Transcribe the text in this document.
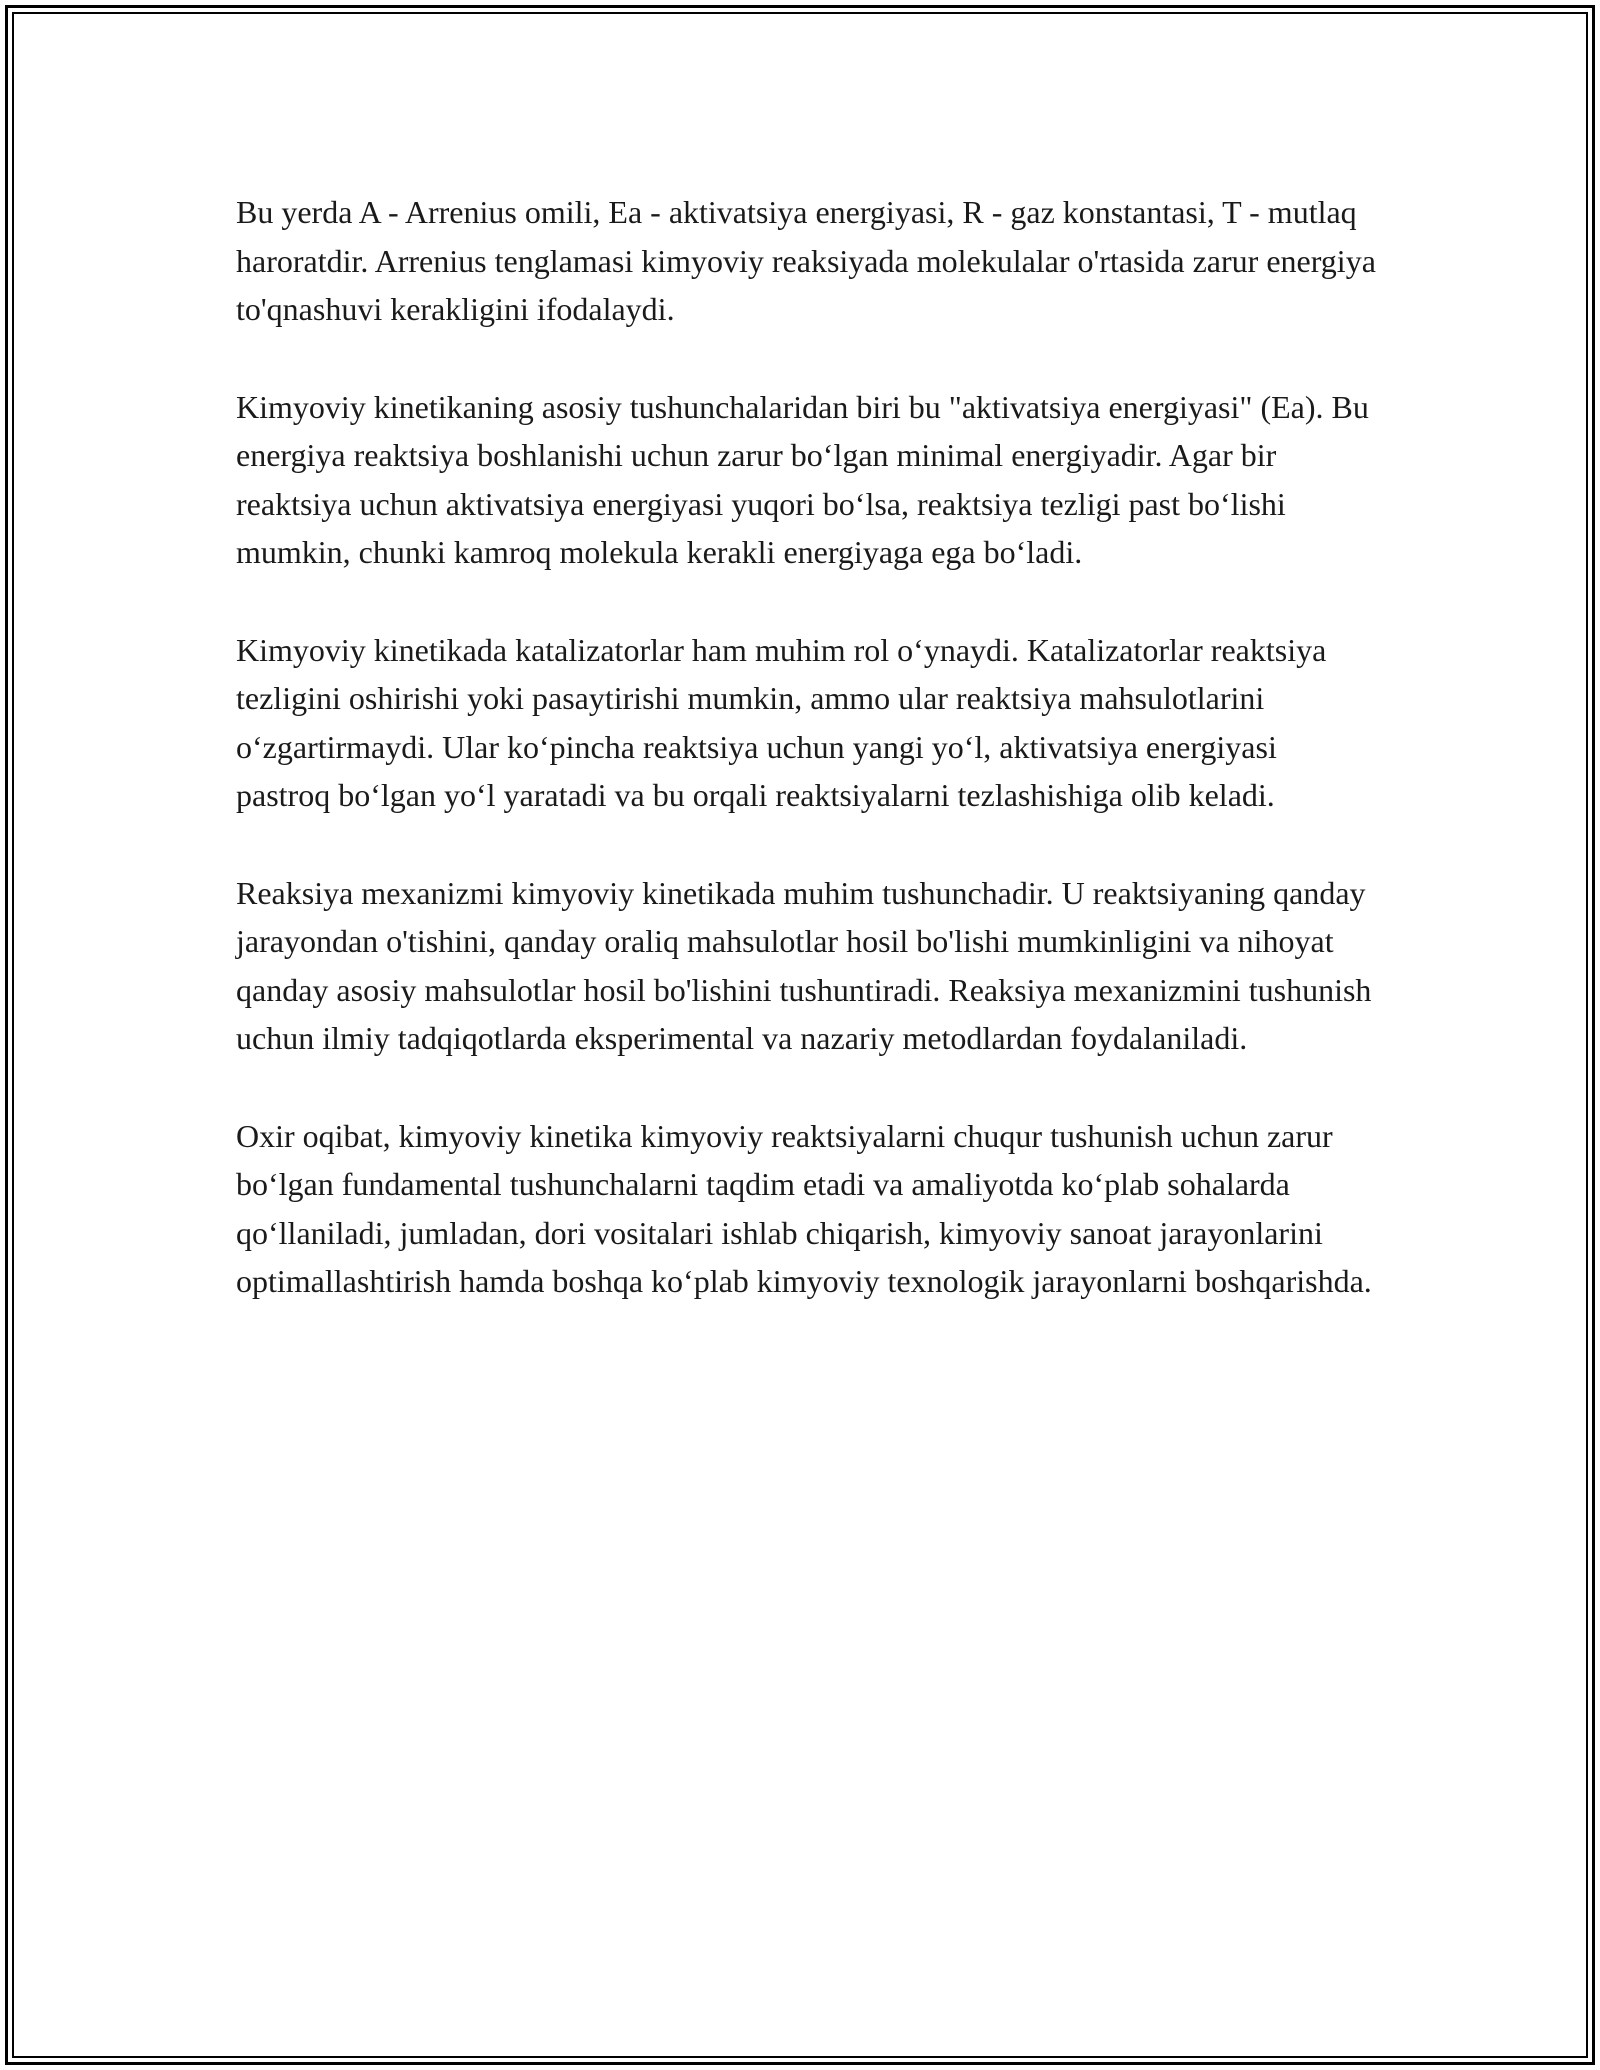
Bu yerda A - Arrenius omili, Ea - aktivatsiya energiyasi, R - gaz konstantasi, T - mutlaq haroratdir. Arrenius tenglamasi kimyoviy reaksiyada molekulalar o'rtasida zarur energiya to'qnashuvi kerakligini ifodalaydi.

Kimyoviy kinetikaning asosiy tushunchalaridan biri bu "aktivatsiya energiyasi" (Ea). Bu energiya reaktsiya boshlanishi uchun zarur bo‘lgan minimal energiyadir. Agar bir reaktsiya uchun aktivatsiya energiyasi yuqori bo‘lsa, reaktsiya tezligi past bo‘lishi mumkin, chunki kamroq molekula kerakli energiyaga ega bo‘ladi.

Kimyoviy kinetikada katalizatorlar ham muhim rol o‘ynaydi. Katalizatorlar reaktsiya tezligini oshirishi yoki pasaytirishi mumkin, ammo ular reaktsiya mahsulotlarini o‘zgartirmaydi. Ular ko‘pincha reaktsiya uchun yangi yo‘l, aktivatsiya energiyasi pastroq bo‘lgan yo‘l yaratadi va bu orqali reaktsiyalarni tezlashishiga olib keladi.

Reaksiya mexanizmi kimyoviy kinetikada muhim tushunchadir. U reaktsiyaning qanday jarayondan o'tishini, qanday oraliq mahsulotlar hosil bo'lishi mumkinligini va nihoyat qanday asosiy mahsulotlar hosil bo'lishini tushuntiradi. Reaksiya mexanizmini tushunish uchun ilmiy tadqiqotlarda eksperimental va nazariy metodlardan foydalaniladi.

Oxir oqibat, kimyoviy kinetika kimyoviy reaktsiyalarni chuqur tushunish uchun zarur bo‘lgan fundamental tushunchalarni taqdim etadi va amaliyotda ko‘plab sohalarda qo‘llaniladi, jumladan, dori vositalari ishlab chiqarish, kimyoviy sanoat jarayonlarini optimallashtirish hamda boshqa ko‘plab kimyoviy texnologik jarayonlarni boshqarishda.
